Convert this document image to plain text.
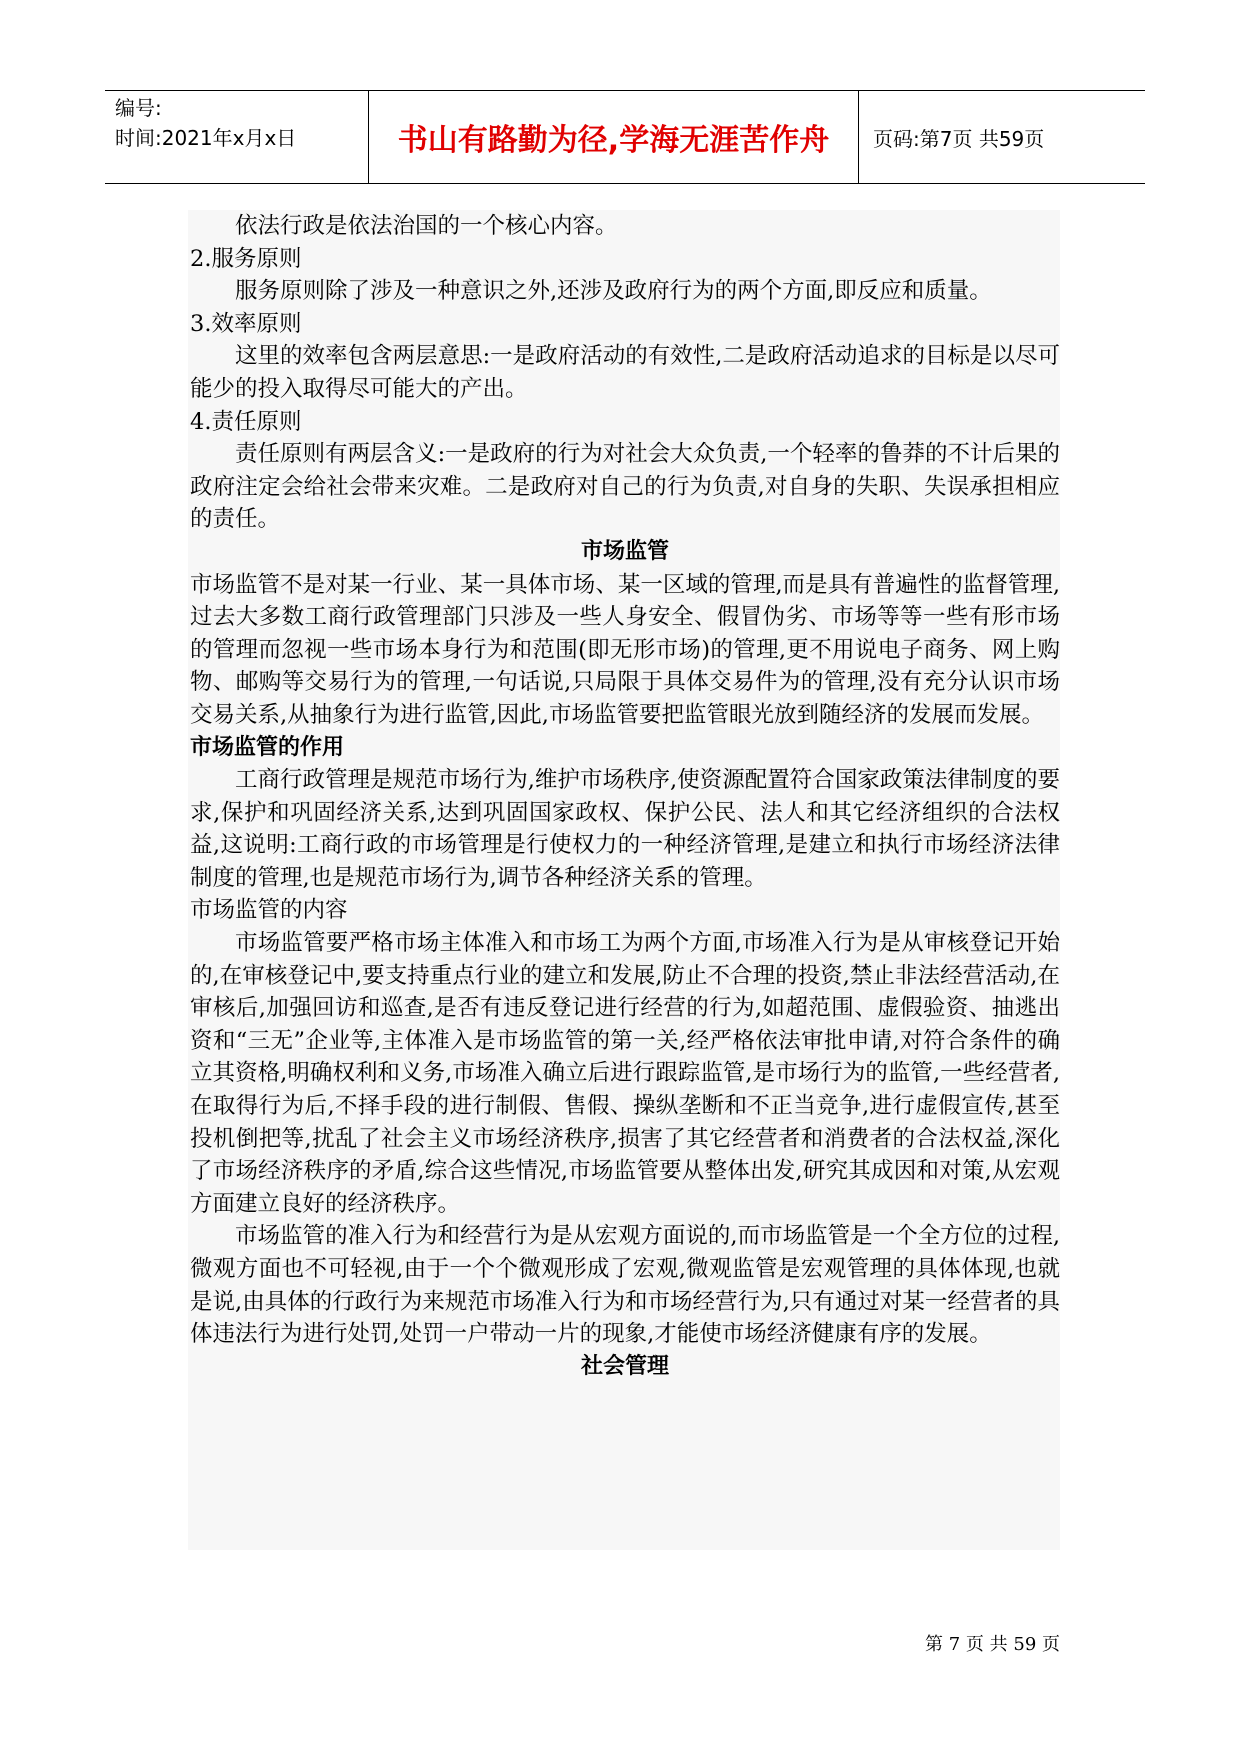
编号:
时间:2021年x月x日	书山有路勤为径,学海无涯苦作舟	页码:第7页 共59页

依法行政是依法治国的一个核心内容。

2.服务原则

服务原则除了涉及一种意识之外,还涉及政府行为的两个方面,即反应和质量。

3.效率原则

这里的效率包含两层意思:一是政府活动的有效性,二是政府活动追求的目标是以尽可能少的投入取得尽可能大的产出。

4.责任原则

责任原则有两层含义:一是政府的行为对社会大众负责,一个轻率的鲁莽的不计后果的政府注定会给社会带来灾难。二是政府对自己的行为负责,对自身的失职、失误承担相应的责任。

市场监管

市场监管不是对某一行业、某一具体市场、某一区域的管理,而是具有普遍性的监督管理,过去大多数工商行政管理部门只涉及一些人身安全、假冒伪劣、市场等等一些有形市场的管理而忽视一些市场本身行为和范围(即无形市场)的管理,更不用说电子商务、网上购物、邮购等交易行为的管理,一句话说,只局限于具体交易件为的管理,没有充分认识市场交易关系,从抽象行为进行监管,因此,市场监管要把监管眼光放到随经济的发展而发展。

市场监管的作用

工商行政管理是规范市场行为,维护市场秩序,使资源配置符合国家政策法律制度的要求,保护和巩固经济关系,达到巩固国家政权、保护公民、法人和其它经济组织的合法权益,这说明:工商行政的市场管理是行使权力的一种经济管理,是建立和执行市场经济法律制度的管理,也是规范市场行为,调节各种经济关系的管理。

市场监管的内容

市场监管要严格市场主体准入和市场工为两个方面,市场准入行为是从审核登记开始的,在审核登记中,要支持重点行业的建立和发展,防止不合理的投资,禁止非法经营活动,在审核后,加强回访和巡查,是否有违反登记进行经营的行为,如超范围、虚假验资、抽逃出资和“三无”企业等,主体准入是市场监管的第一关,经严格依法审批申请,对符合条件的确立其资格,明确权利和义务,市场准入确立后进行跟踪监管,是市场行为的监管,一些经营者,在取得行为后,不择手段的进行制假、售假、操纵垄断和不正当竞争,进行虚假宣传,甚至投机倒把等,扰乱了社会主义市场经济秩序,损害了其它经营者和消费者的合法权益,深化了市场经济秩序的矛盾,综合这些情况,市场监管要从整体出发,研究其成因和对策,从宏观方面建立良好的经济秩序。

市场监管的准入行为和经营行为是从宏观方面说的,而市场监管是一个全方位的过程,微观方面也不可轻视,由于一个个微观形成了宏观,微观监管是宏观管理的具体体现,也就是说,由具体的行政行为来规范市场准入行为和市场经营行为,只有通过对某一经营者的具体违法行为进行处罚,处罚一户带动一片的现象,才能使市场经济健康有序的发展。

社会管理

第 7 页 共 59 页
